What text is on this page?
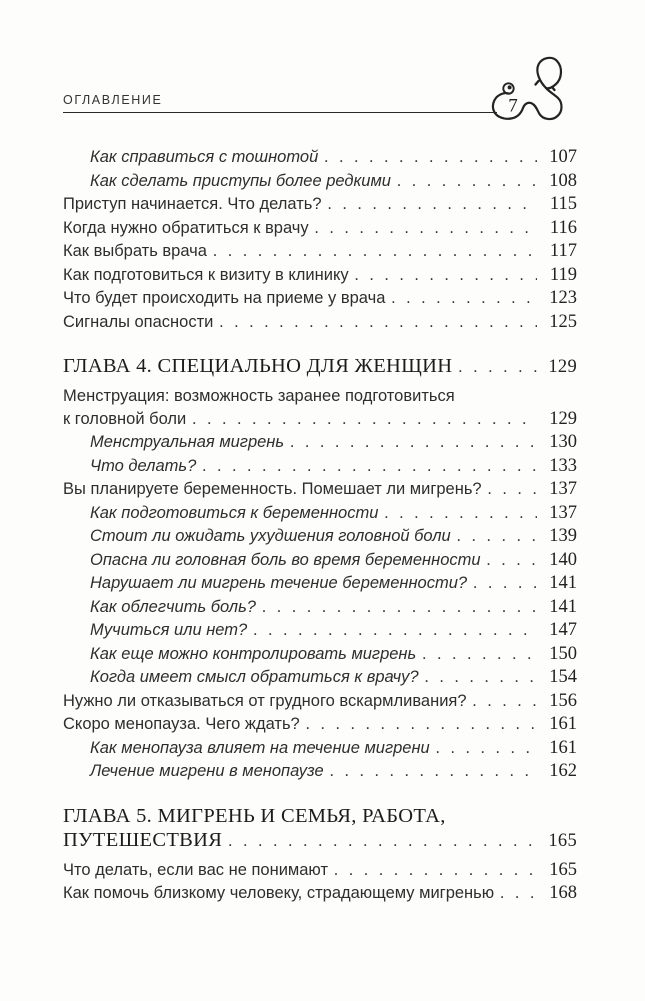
ОГЛАВЛЕНИЕ	7
Как справиться с тошнотой . . .	107
Как сделать приступы более редкими . . .	108
Приступ начинается. Что делать? . . .	115
Когда нужно обратиться к врачу . . .	116
Как выбрать врача . . .	117
Как подготовиться к визиту в клинику . . .	119
Что будет происходить на приеме у врача . . .	123
Сигналы опасности . . .	125
ГЛАВА 4. СПЕЦИАЛЬНО ДЛЯ ЖЕНЩИН . . .	129
Менструация: возможность заранее подготовиться
к головной боли . . .	129
Менструальная мигрень . . .	130
Что делать? . . .	133
Вы планируете беременность. Помешает ли мигрень? . . .	137
Как подготовиться к беременности . . .	137
Стоит ли ожидать ухудшения головной боли . . .	139
Опасна ли головная боль во время беременности . . .	140
Нарушает ли мигрень течение беременности? . . .	141
Как облегчить боль? . . .	141
Мучиться или нет? . . .	147
Как еще можно контролировать мигрень . . .	150
Когда имеет смысл обратиться к врачу? . . .	154
Нужно ли отказываться от грудного вскармливания? . . .	156
Скоро менопауза. Чего ждать? . . .	161
Как менопауза влияет на течение мигрени . . .	161
Лечение мигрени в менопаузе . . .	162
ГЛАВА 5. МИГРЕНЬ И СЕМЬЯ, РАБОТА,
ПУТЕШЕСТВИЯ . . .	165
Что делать, если вас не понимают . . .	165
Как помочь близкому человеку, страдающему мигренью . . .	168
